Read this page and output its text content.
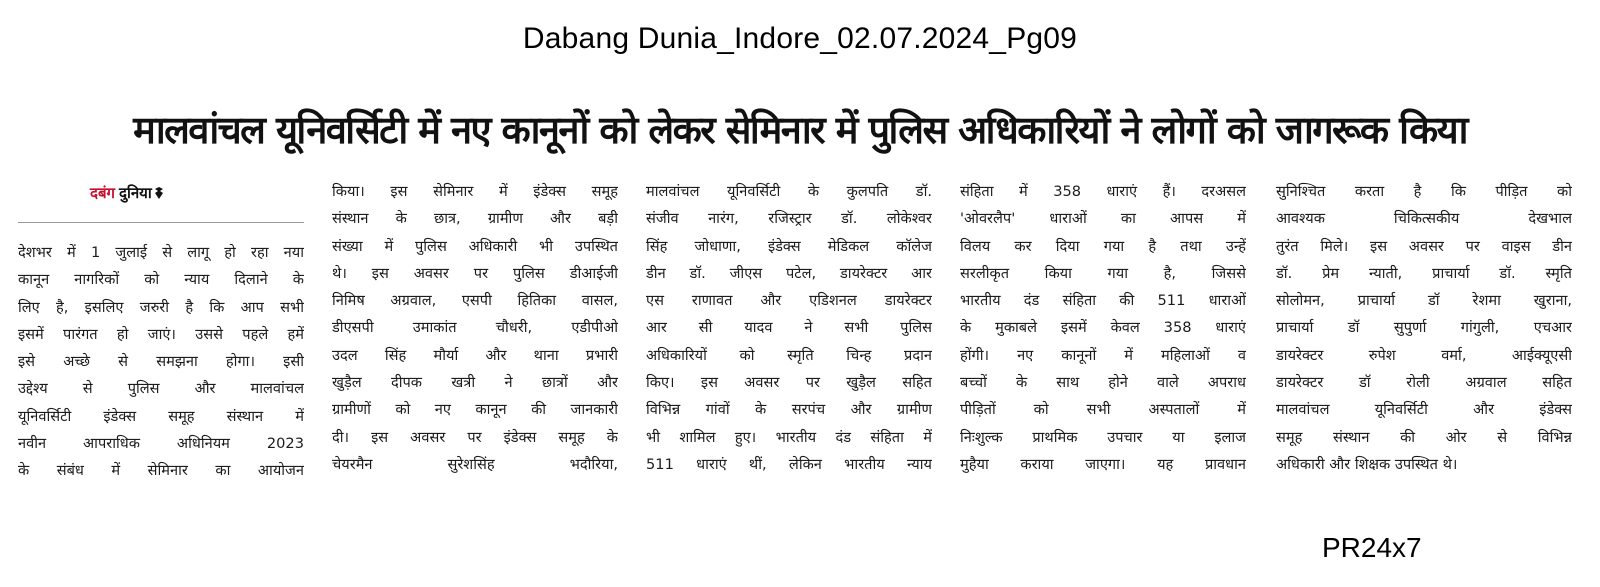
Dabang Dunia_Indore_02.07.2024_Pg09
मालवांचल यूनिवर्सिटी में नए कानूनों को लेकर सेमिनार में पुलिस अधिकारियों ने लोगों को जागरूक किया
दबंग दुनिया
देशभर में 1 जुलाई से लागू हो रहा नया
कानून नागरिकों को न्याय दिलाने के
लिए है, इसलिए जरुरी है कि आप सभी
इसमें पारंगत हो जाएं। उससे पहले हमें
इसे अच्छे से समझना होगा। इसी
उद्देश्य से पुलिस और मालवांचल
यूनिवर्सिटी इंडेक्स समूह संस्थान में
नवीन आपराधिक अधिनियम 2023
के संबंध में सेमिनार का आयोजन
किया। इस सेमिनार में इंडेक्स समूह
संस्थान के छात्र, ग्रामीण और बड़ी
संख्या में पुलिस अधिकारी भी उपस्थित
थे। इस अवसर पर पुलिस डीआईजी
निमिष अग्रवाल, एसपी हितिका वासल,
डीएसपी उमाकांत चौधरी, एडीपीओ
उदल सिंह मौर्या और थाना प्रभारी
खुड़ैल दीपक खत्री ने छात्रों और
ग्रामीणों को नए कानून की जानकारी
दी। इस अवसर पर इंडेक्स समूह के
चेयरमैन सुरेशसिंह भदौरिया,
मालवांचल यूनिवर्सिटी के कुलपति डॉ.
संजीव नारंग, रजिस्ट्रार डॉ. लोकेश्वर
सिंह जोधाणा, इंडेक्स मेडिकल कॉलेज
डीन डॉ. जीएस पटेल, डायरेक्टर आर
एस राणावत और एडिशनल डायरेक्टर
आर सी यादव ने सभी पुलिस
अधिकारियों को स्मृति चिन्ह प्रदान
किए। इस अवसर पर खुड़ैल सहित
विभिन्न गांवों के सरपंच और ग्रामीण
भी शामिल हुए। भारतीय दंड संहिता में
511 धाराएं थीं, लेकिन भारतीय न्याय
संहिता में 358 धाराएं हैं। दरअसल
'ओवरलैप' धाराओं का आपस में
विलय कर दिया गया है तथा उन्हें
सरलीकृत किया गया है, जिससे
भारतीय दंड संहिता की 511 धाराओं
के मुकाबले इसमें केवल 358 धाराएं
होंगी। नए कानूनों में महिलाओं व
बच्चों के साथ होने वाले अपराध
पीड़ितों को सभी अस्पतालों में
निःशुल्क प्राथमिक उपचार या इलाज
मुहैया कराया जाएगा। यह प्रावधान
सुनिश्चित करता है कि पीड़ित को
आवश्यक चिकित्सकीय देखभाल
तुरंत मिले। इस अवसर पर वाइस डीन
डॉ. प्रेम न्याती, प्राचार्या डॉ. स्मृति
सोलोमन, प्राचार्या डॉ रेशमा खुराना,
प्राचार्या डॉ सुपुर्णा गांगुली, एचआर
डायरेक्टर रुपेश वर्मा, आईक्यूएसी
डायरेक्टर डॉ रोली अग्रवाल सहित
मालवांचल यूनिवर्सिटी और इंडेक्स
समूह संस्थान की ओर से विभिन्न
अधिकारी और शिक्षक उपस्थित थे।
PR24x7
